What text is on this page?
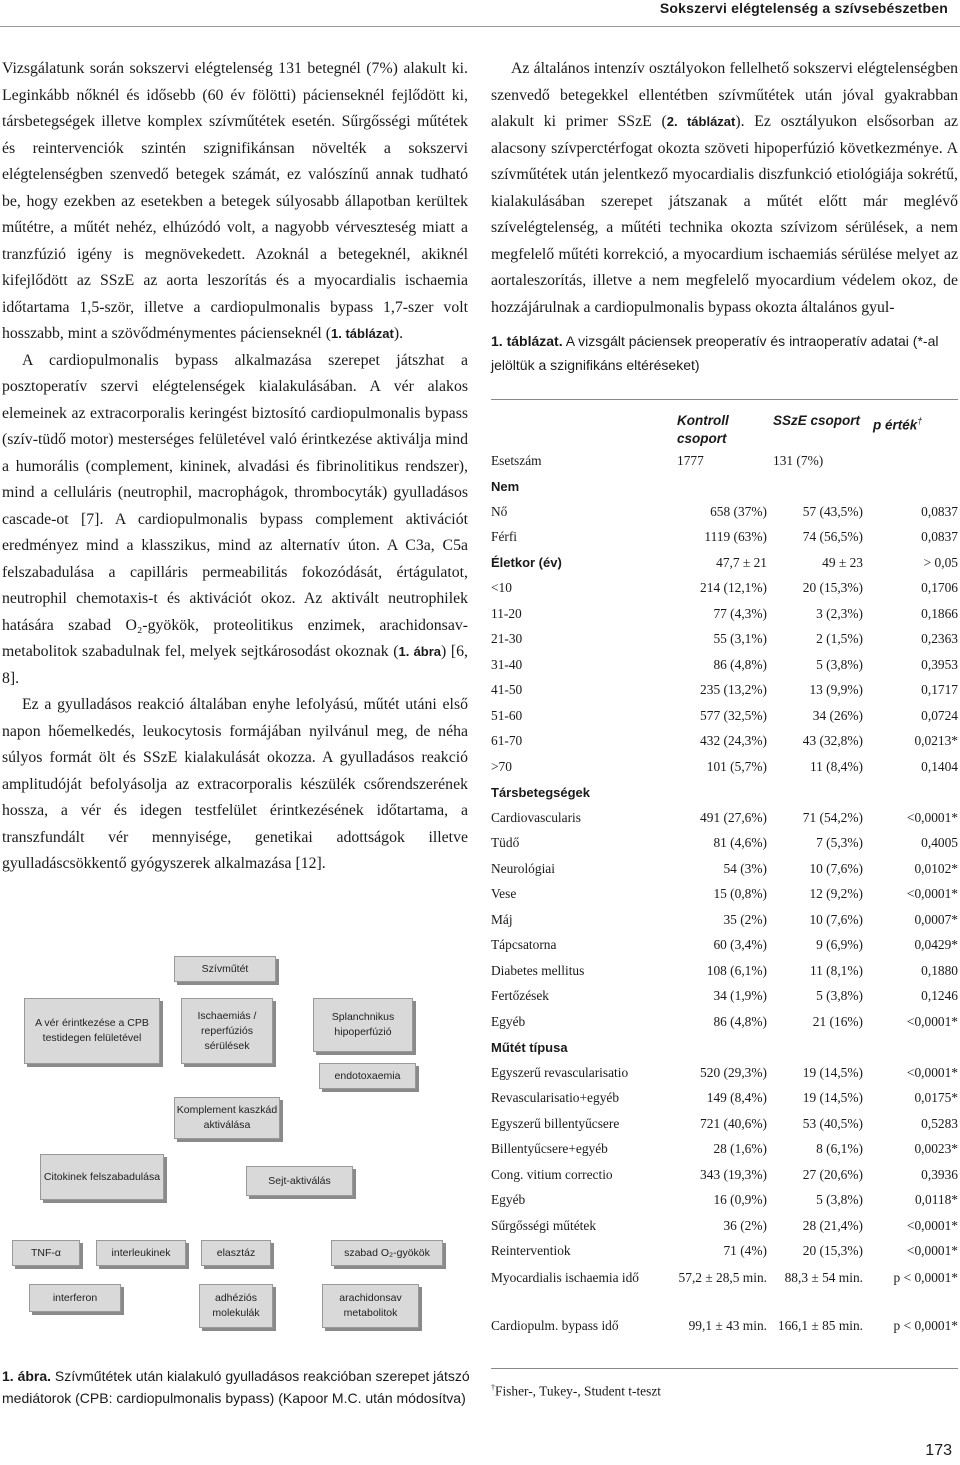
Sokszervi elégtelenség a szívsebészetben

Vizsgálatunk során sokszervi elégtelenség 131 betegnél (7%) alakult ki. Leginkább nőknél és idősebb (60 év fölötti) pácienseknél fejlődött ki, társbetegségek illetve komplex szívműtétek esetén. Sűrgősségi műtétek és reintervenciók szintén szignifikánsan növelték a sokszervi elégtelenségben szenvedő betegek számát, ez valószínű annak tudható be, hogy ezekben az esetekben a betegek súlyosabb állapotban kerültek műtétre, a műtét nehéz, elhúzódó volt, a nagyobb vérveszteség miatt a tranzfúzió igény is megnövekedett. Azoknál a betegeknél, akiknél kifejlődött az SSzE az aorta leszorítás és a myocardialis ischaemia időtartama 1,5-ször, illetve a cardiopulmonalis bypass 1,7-szer volt hosszabb, mint a szövődménymentes pácienseknél (1. táblázat).

A cardiopulmonalis bypass alkalmazása szerepet játszhat a posztoperatív szervi elégtelenségek kialakulásában. A vér alakos elemeinek az extracorporalis keringést biztosító cardiopulmonalis bypass (szív-tüdő motor) mesterséges felületével való érintkezése aktiválja mind a humorális (complement, kininek, alvadási és fibrinolitikus rendszer), mind a celluláris (neutrophil, macrophágok, thrombocyták) gyulladásos cascade-ot [7]. A cardiopulmonalis bypass complement aktivációt eredményez mind a klasszikus, mind az alternatív úton. A C3a, C5a felszabadulása a capilláris permeabilitás fokozódását, értágulatot, neutrophil chemotaxis-t és aktivációt okoz. Az aktivált neutrophilek hatására szabad O₂-gyökök, proteolitikus enzimek, arachidonsav-metabolitok szabadulnak fel, melyek sejtkárosodást okoznak (1. ábra) [6, 8].

Ez a gyulladásos reakció általában enyhe lefolyású, műtét utáni első napon hőemelkedés, leukocytosis formájában nyilvánul meg, de néha súlyos formát ölt és SSzE kialakulását okozza. A gyulladásos reakció amplitudóját befolyásolja az extracorporalis készülék csőrendszerének hossza, a vér és idegen testfelület érintkezésének időtartama, a transzfundált vér mennyisége, genetikai adottságok illetve gyulladáscsökkentő gyógyszerek alkalmazása [12].

Szívműtét
A vér érintkezése a CPB testidegen felületével
Ischaemiás / reperfúziós sérülések
Splanchnikus hipoperfúzió
endotoxaemia
Komplement kaszkád aktiválása
Citokinek felszabadulása	Sejt-aktiválás
TNF-α	interleukinek	elasztáz	szabad O₂-gyökök
interferon	adhéziós molekulák
arachidonsav metabolitok
1. ábra. Szívműtétek után kialakuló gyulladásos reakcióban szerepet játszó mediátorok (CPB: cardiopulmonalis bypass) (Kapoor M.C. után módosítva)

Az általános intenzív osztályokon fellelhető sokszervi elégtelenségben szenvedő betegekkel ellentétben szívműtétek után jóval gyakrabban alakult ki primer SSzE (2. táblázat). Ez osztályukon elsősorban az alacsony szívperctérfogat okozta szöveti hipoperfúzió következménye. A szívműtétek után jelentkező myocardialis diszfunkció etiológiája sokrétű, kialakulásában szerepet játszanak a műtét előtt már meglévő szívelégtelenség, a műtéti technika okozta szívizom sérülések, a nem megfelelő műtéti korrekció, a myocardium ischaemiás sérülése melyet az aortaleszorítás, illetve a nem megfelelő myocardium védelem okoz, de hozzájárulnak a cardiopulmonalis bypass okozta általános gyul-

1. táblázat. A vizsgált páciensek preoperatív és intraoperatív adatai (*-al jelöltük a szignifikáns eltéréseket)
	Kontroll csoport	SSzE csoport	p érték†
Esetszám	1777	131 (7%)	
Nem			
Nő	658 (37%)	57 (43,5%)	0,0837
Férfi	1119 (63%)	74 (56,5%)	0,0837
Életkor (év)	47,7 ± 21	49 ± 23	> 0,05
<10	214 (12,1%)	20 (15,3%)	0,1706
11-20	77 (4,3%)	3 (2,3%)	0,1866
21-30	55 (3,1%)	2 (1,5%)	0,2363
31-40	86 (4,8%)	5 (3,8%)	0,3953
41-50	235 (13,2%)	13 (9,9%)	0,1717
51-60	577 (32,5%)	34 (26%)	0,0724
61-70	432 (24,3%)	43 (32,8%)	0,0213*
>70	101 (5,7%)	11 (8,4%)	0,1404
Társbetegségek			
Cardiovascularis	491 (27,6%)	71 (54,2%)	<0,0001*
Tüdő	81 (4,6%)	7 (5,3%)	0,4005
Neurológiai	54 (3%)	10 (7,6%)	0,0102*
Vese	15 (0,8%)	12 (9,2%)	<0,0001*
Máj	35 (2%)	10 (7,6%)	0,0007*
Tápcsatorna	60 (3,4%)	9 (6,9%)	0,0429*
Diabetes mellitus	108 (6,1%)	11 (8,1%)	0,1880
Fertőzések	34 (1,9%)	5 (3,8%)	0,1246
Egyéb	86 (4,8%)	21 (16%)	<0,0001*
Műtét típusa			
Egyszerű revascularisatio	520 (29,3%)	19 (14,5%)	<0,0001*
Revascularisatio+egyéb	149 (8,4%)	19 (14,5%)	0,0175*
Egyszerű billentyűcsere	721 (40,6%)	53 (40,5%)	0,5283
Billentyűcsere+egyéb	28 (1,6%)	8 (6,1%)	0,0023*
Cong. vitium correctio	343 (19,3%)	27 (20,6%)	0,3936
Egyéb	16 (0,9%)	5 (3,8%)	0,0118*
Sűrgősségi műtétek	36 (2%)	28 (21,4%)	<0,0001*
Reinterventiok	71 (4%)	20 (15,3%)	<0,0001*
Myocardialis ischaemia idő	57,2 ± 28,5 min.	88,3 ± 54 min.	p < 0,0001*
Cardiopulm. bypass idő	99,1 ± 43 min.	166,1 ± 85 min.	p < 0,0001*
†Fisher-, Tukey-, Student t-teszt
173
